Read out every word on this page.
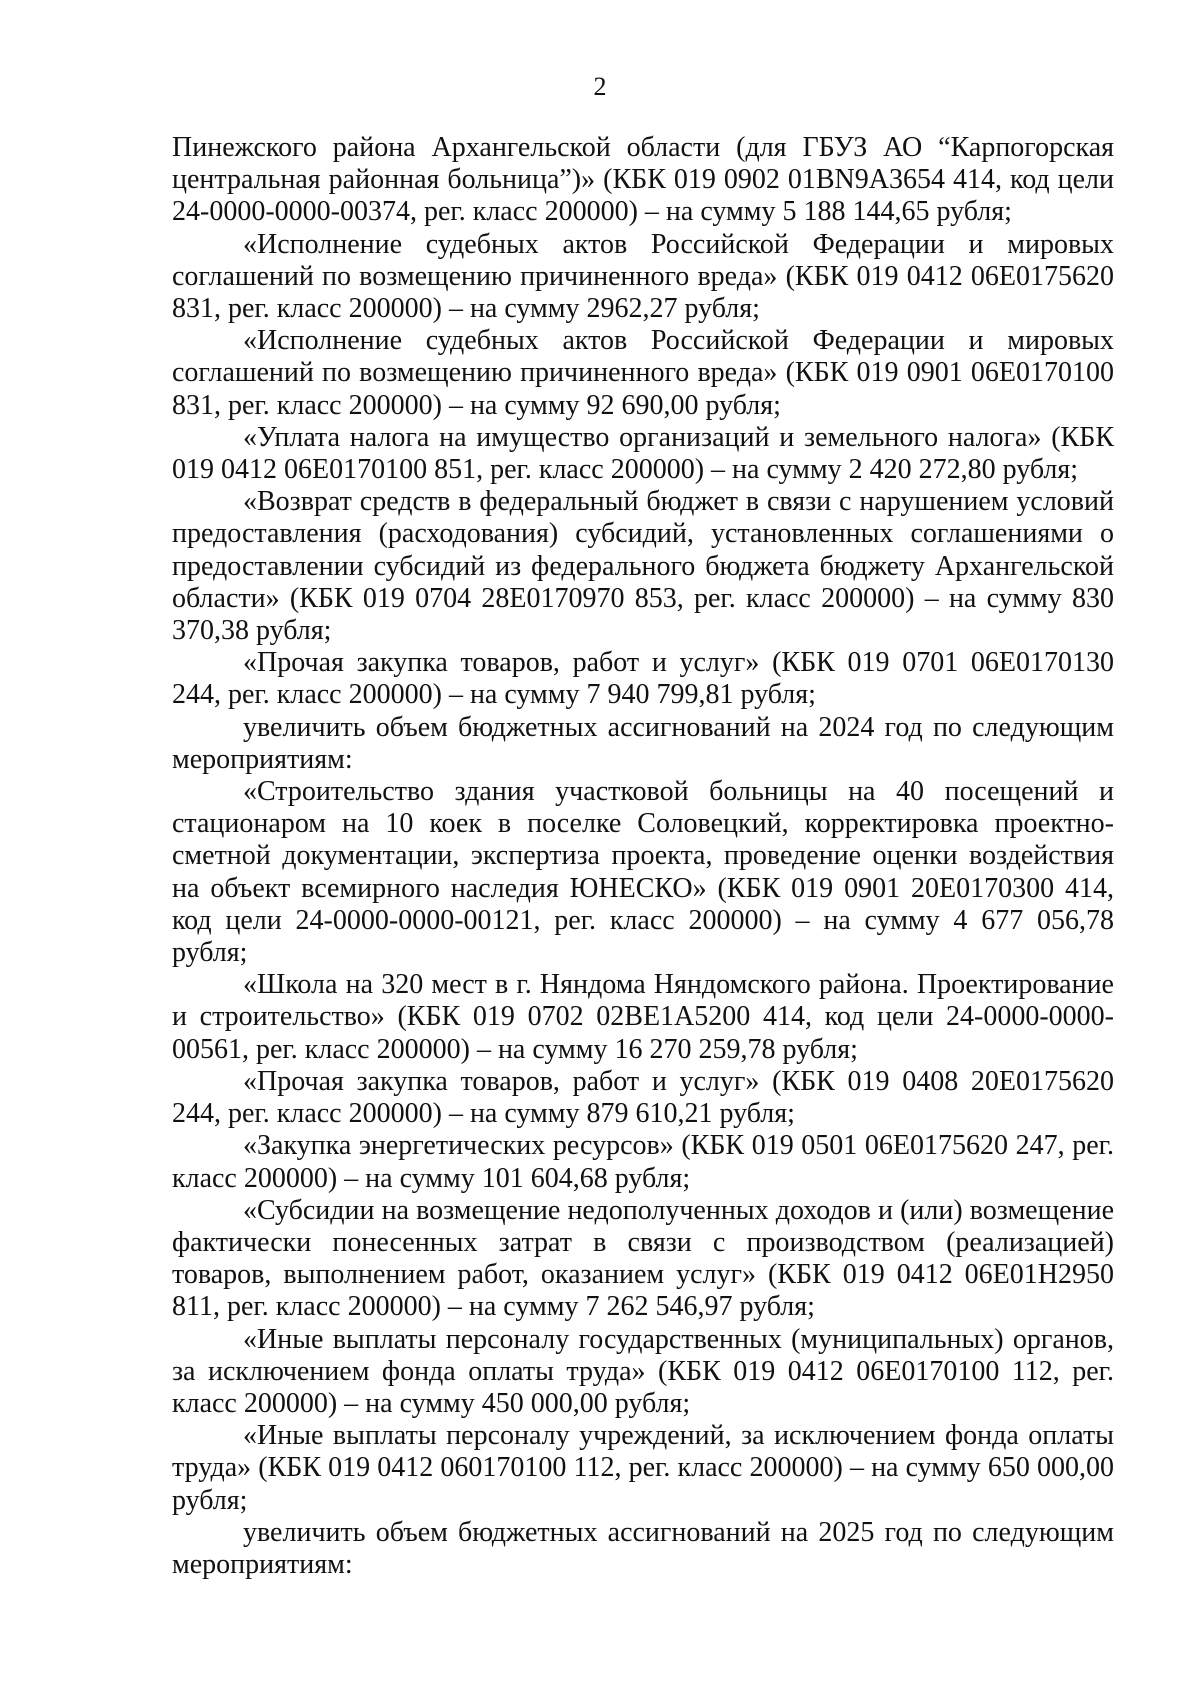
2

Пинежского района Архангельской области (для ГБУЗ АО “Карпогорская центральная районная больница”)» (КБК 019 0902 01BN9A3654 414, код цели 24-0000-0000-00374, рег. класс 200000) – на сумму 5 188 144,65 рубля;

«Исполнение судебных актов Российской Федерации и мировых соглашений по возмещению причиненного вреда» (КБК 019 0412 06Е0175620 831, рег. класс 200000) – на сумму 2962,27 рубля;

«Исполнение судебных актов Российской Федерации и мировых соглашений по возмещению причиненного вреда» (КБК 019 0901 06Е0170100 831, рег. класс 200000) – на сумму 92 690,00 рубля;

«Уплата налога на имущество организаций и земельного налога» (КБК 019 0412 06Е0170100 851, рег. класс 200000) – на сумму 2 420 272,80 рубля;

«Возврат средств в федеральный бюджет в связи с нарушением условий предоставления (расходования) субсидий, установленных соглашениями о предоставлении субсидий из федерального бюджета бюджету Архангельской области» (КБК 019 0704 28Е0170970 853, рег. класс 200000) – на сумму 830 370,38 рубля;

«Прочая закупка товаров, работ и услуг» (КБК 019 0701 06Е0170130 244, рег. класс 200000) – на сумму 7 940 799,81 рубля;

увеличить объем бюджетных ассигнований на 2024 год по следующим мероприятиям:

«Строительство здания участковой больницы на 40 посещений и стационаром на 10 коек в поселке Соловецкий, корректировка проектно-сметной документации, экспертиза проекта, проведение оценки воздействия на объект всемирного наследия ЮНЕСКО» (КБК 019 0901 20Е0170300 414, код цели 24-0000-0000-00121, рег. класс 200000) – на сумму 4 677 056,78 рубля;

«Школа на 320 мест в г. Няндома Няндомского района. Проектирование и строительство» (КБК 019 0702 02ВЕ1А5200 414, код цели 24-0000-0000-00561, рег. класс 200000) – на сумму 16 270 259,78 рубля;

«Прочая закупка товаров, работ и услуг» (КБК 019 0408 20Е0175620 244, рег. класс 200000) – на сумму 879 610,21 рубля;

«Закупка энергетических ресурсов» (КБК 019 0501 06Е0175620 247, рег. класс 200000) – на сумму 101 604,68 рубля;

«Субсидии на возмещение недополученных доходов и (или) возмещение фактически понесенных затрат в связи с производством (реализацией) товаров, выполнением работ, оказанием услуг» (КБК 019 0412 06Е01Н2950 811, рег. класс 200000) – на сумму 7 262 546,97 рубля;

«Иные выплаты персоналу государственных (муниципальных) органов, за исключением фонда оплаты труда» (КБК 019 0412 06Е0170100 112, рег. класс 200000) – на сумму 450 000,00 рубля;

«Иные выплаты персоналу учреждений, за исключением фонда оплаты труда» (КБК 019 0412 060170100 112, рег. класс 200000) – на сумму 650 000,00 рубля;

увеличить объем бюджетных ассигнований на 2025 год по следующим мероприятиям:
